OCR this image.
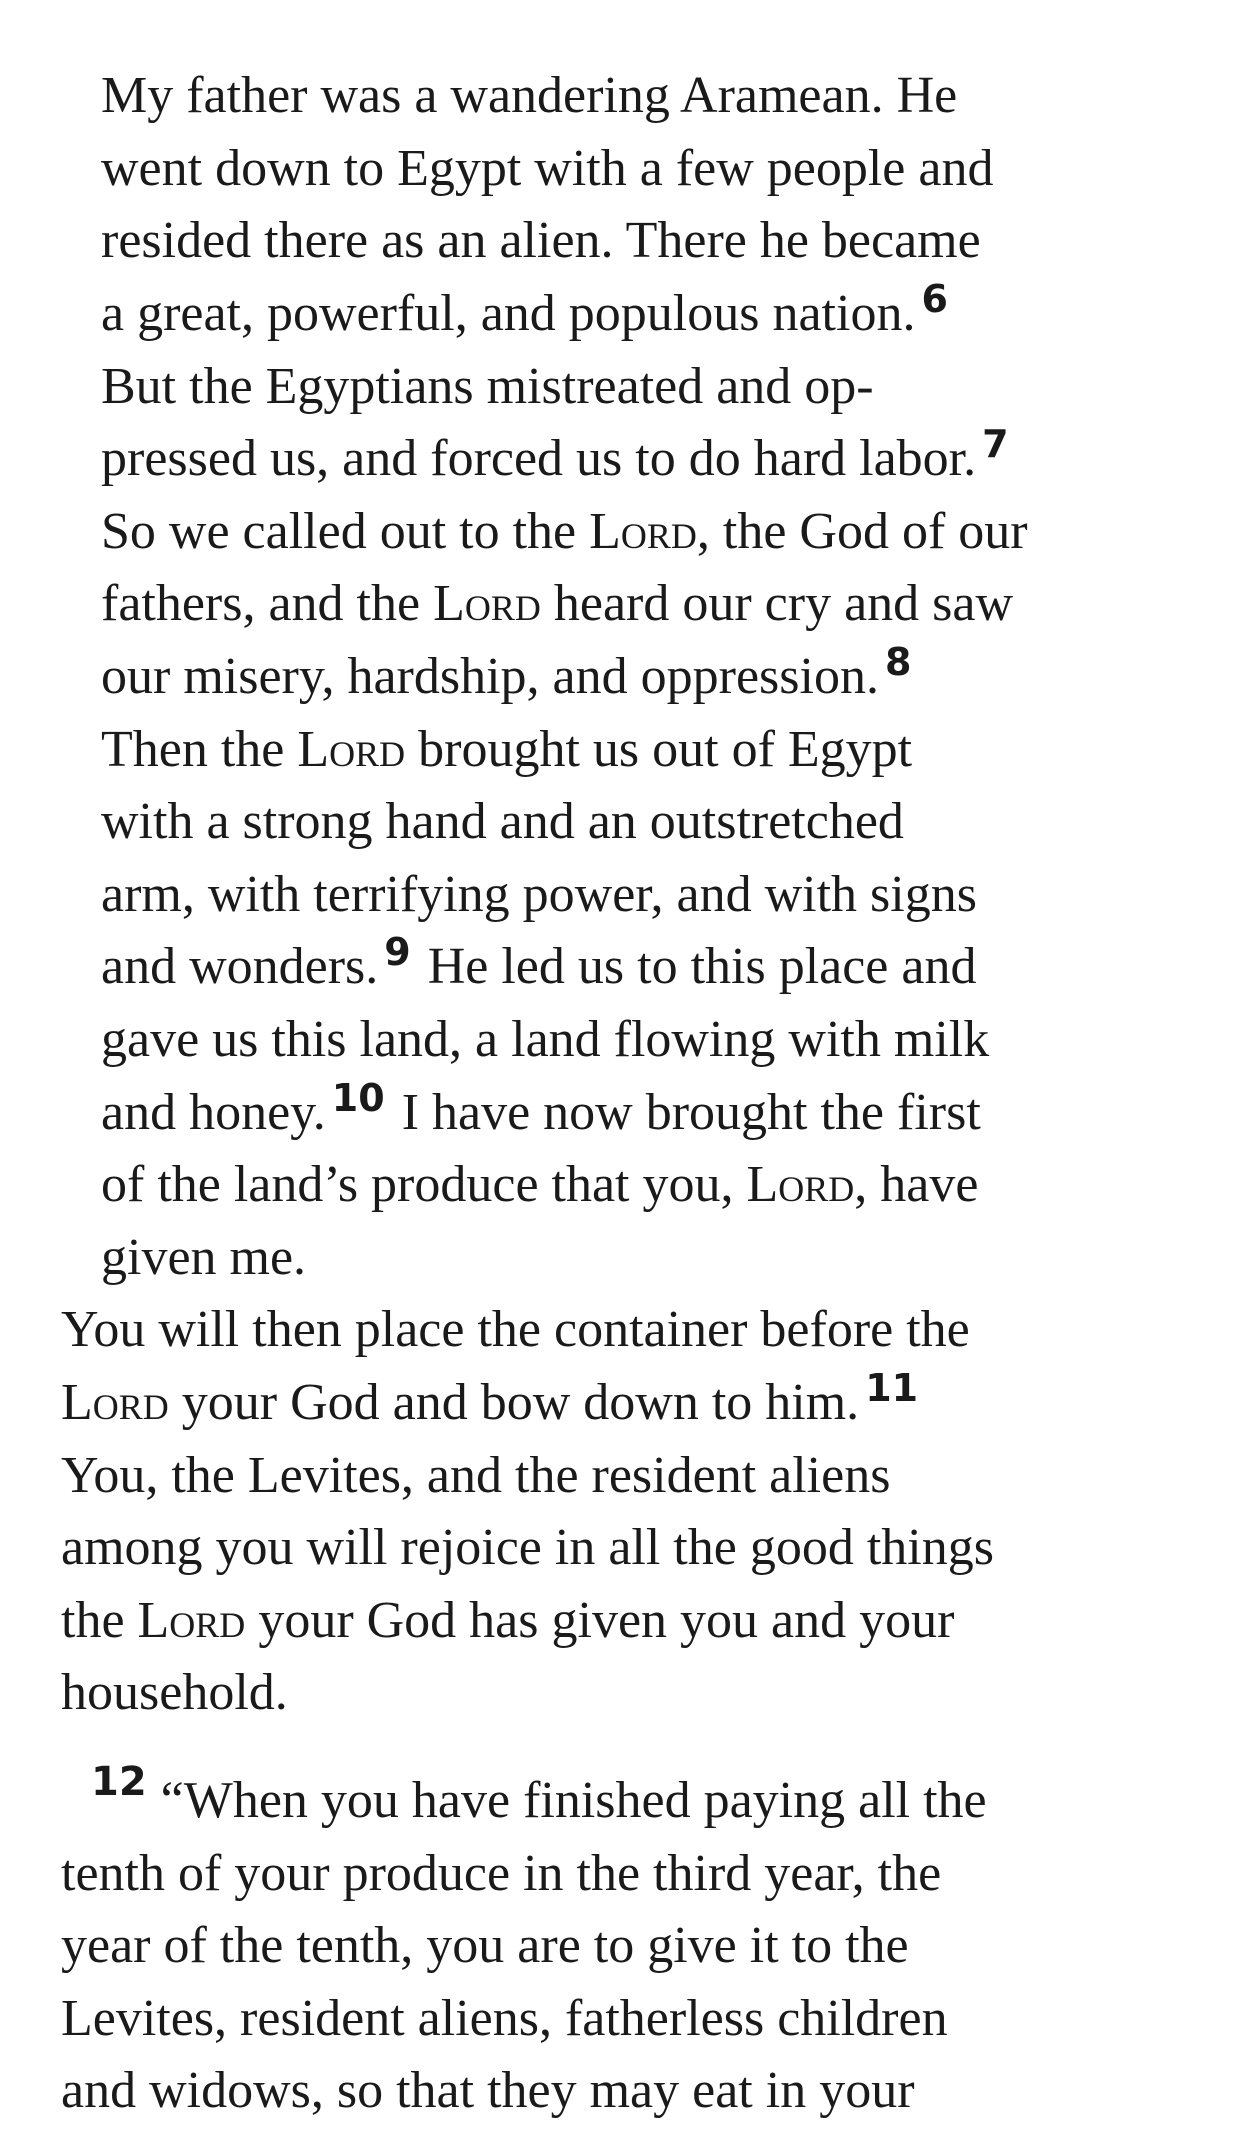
My father was a wandering Aramean. He
went down to Egypt with a few people and
resided there as an alien. There he became
a great, powerful, and populous nation. $^6$
But the Egyptians mistreated and op-
pressed us, and forced us to do hard labor. $^7$
So we called out to the Lord, the God of our
fathers, and the Lord heard our cry and saw
our misery, hardship, and oppression. $^8$
Then the Lord brought us out of Egypt
with a strong hand and an outstretched
arm, with terrifying power, and with signs
and wonders. $^9$ He led us to this place and
gave us this land, a land flowing with milk
and honey. $^{10}$ I have now brought the first
of the land’s produce that you, Lord, have
given me.
You will then place the container before the
Lord your God and bow down to him. $^{11}$
You, the Levites, and the resident aliens
among you will rejoice in all the good things
the Lord your God has given you and your
household.
$^{12}$ “When you have finished paying all the
tenth of your produce in the third year, the
year of the tenth, you are to give it to the
Levites, resident aliens, fatherless children
and widows, so that they may eat in your
